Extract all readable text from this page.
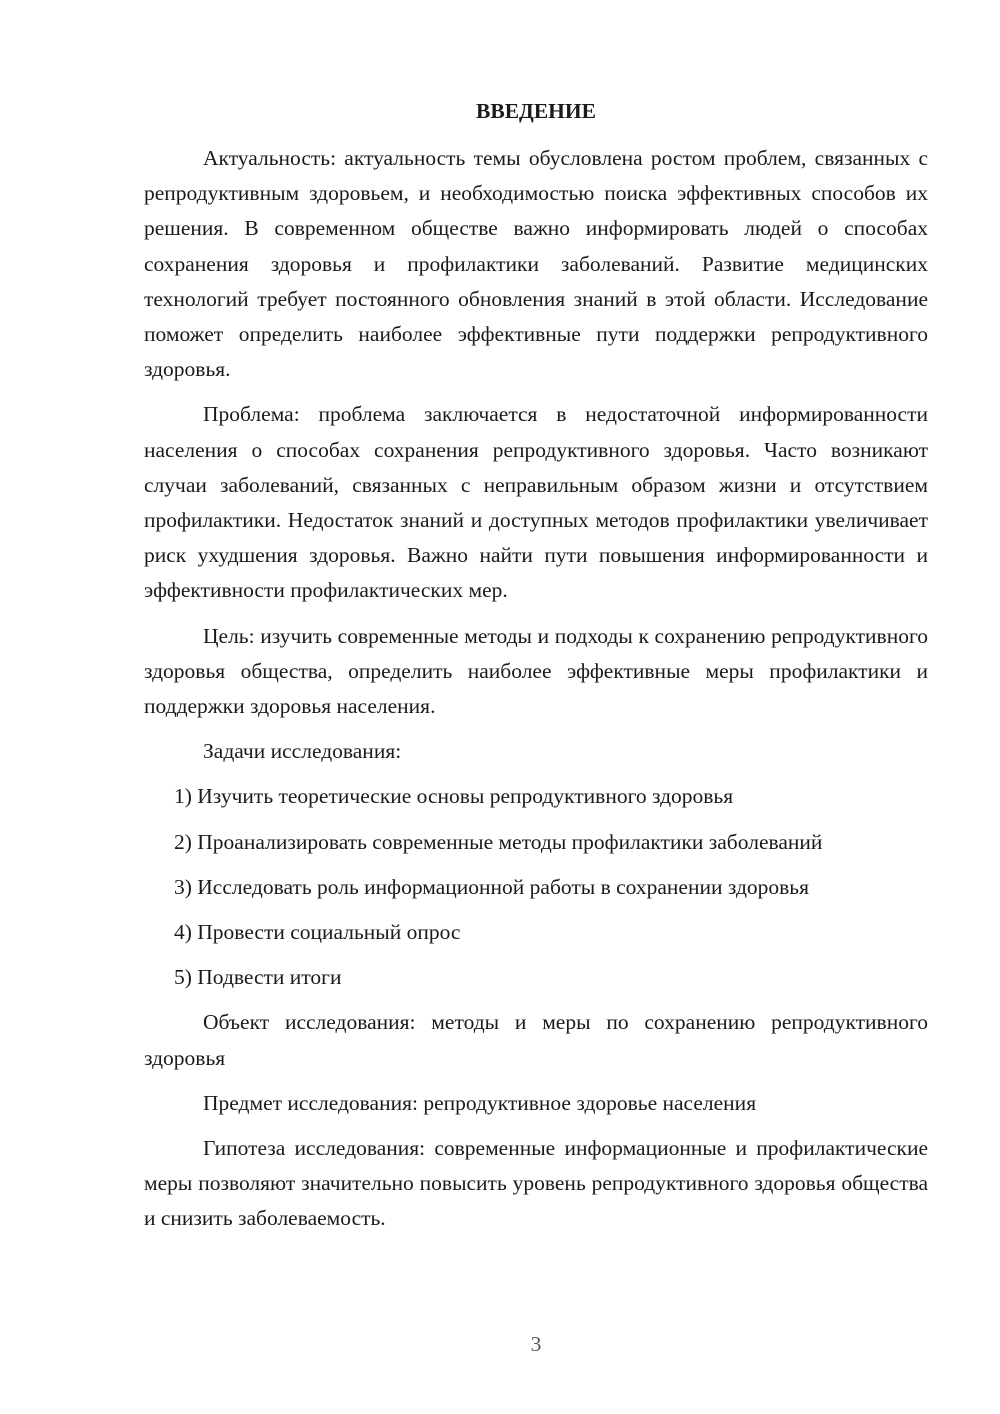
ВВЕДЕНИЕ

Актуальность: актуальность темы обусловлена ростом проблем, связанных с репродуктивным здоровьем, и необходимостью поиска эффективных способов их решения. В современном обществе важно информировать людей о способах сохранения здоровья и профилактики заболеваний. Развитие медицинских технологий требует постоянного обновления знаний в этой области. Исследование поможет определить наиболее эффективные пути поддержки репродуктивного здоровья.

Проблема: проблема заключается в недостаточной информированности населения о способах сохранения репродуктивного здоровья. Часто возникают случаи заболеваний, связанных с неправильным образом жизни и отсутствием профилактики. Недостаток знаний и доступных методов профилактики увеличивает риск ухудшения здоровья. Важно найти пути повышения информированности и эффективности профилактических мер.

Цель: изучить современные методы и подходы к сохранению репродуктивного здоровья общества, определить наиболее эффективные меры профилактики и поддержки здоровья населения.

Задачи исследования:

1) Изучить теоретические основы репродуктивного здоровья

2) Проанализировать современные методы профилактики заболеваний

3) Исследовать роль информационной работы в сохранении здоровья

4) Провести социальный опрос

5) Подвести итоги

Объект исследования: методы и меры по сохранению репродуктивного здоровья

Предмет исследования: репродуктивное здоровье населения

Гипотеза исследования: современные информационные и профилактические меры позволяют значительно повысить уровень репродуктивного здоровья общества и снизить заболеваемость.

3
